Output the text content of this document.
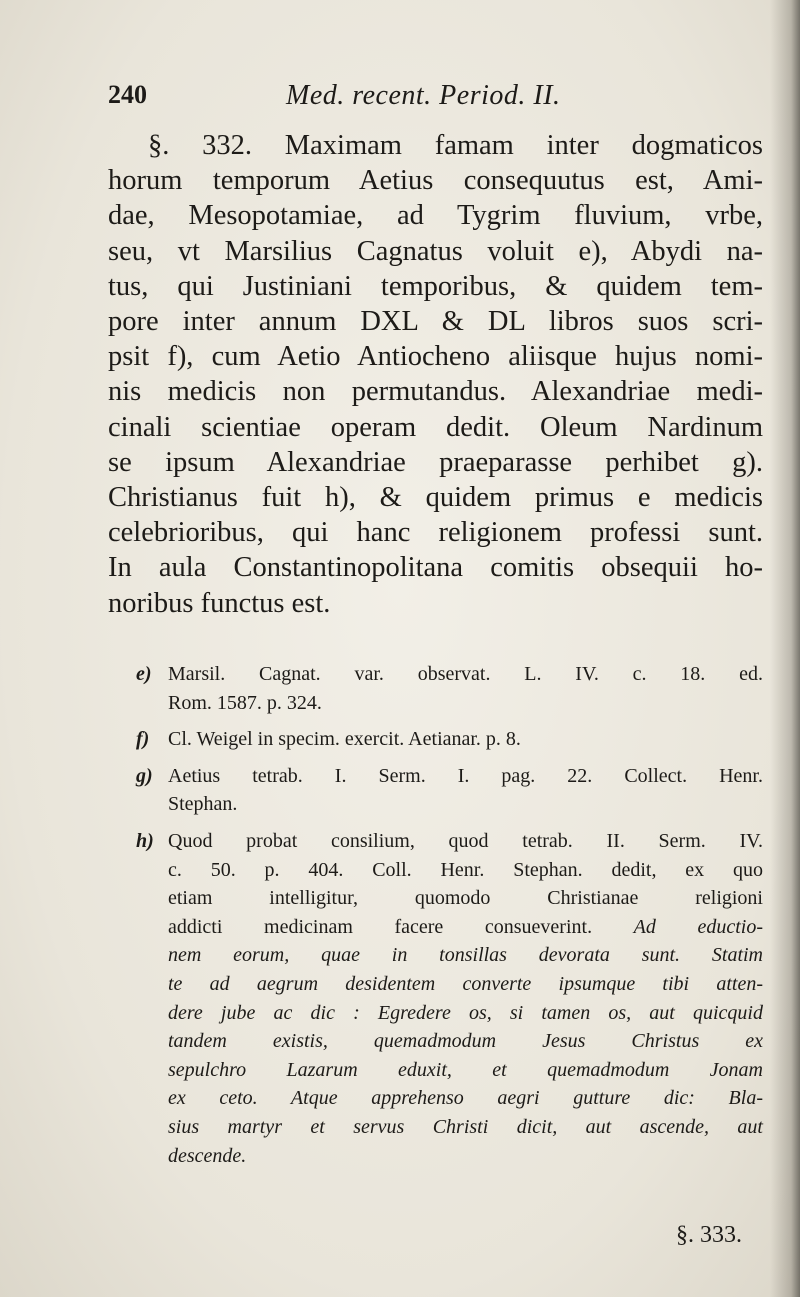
240	Med. recent. Period. II.
§. 332. Maximam famam inter dogmaticos
horum temporum Aetius consequutus est, Ami-
dae, Mesopotamiae, ad Tygrim fluvium, vrbe,
seu, vt Marsilius Cagnatus voluit e), Abydi na-
tus, qui Justiniani temporibus, & quidem tem-
pore inter annum DXL & DL libros suos scri-
psit f), cum Aetio Antiocheno aliisque hujus nomi-
nis medicis non permutandus. Alexandriae medi-
cinali scientiae operam dedit. Oleum Nardinum
se ipsum Alexandriae praeparasse perhibet g).
Christianus fuit h), & quidem primus e medicis
celebrioribus, qui hanc religionem professi sunt.
In aula Constantinopolitana comitis obsequii ho-
noribus functus est.
e) Marsil. Cagnat. var. observat. L. IV. c. 18. ed.
Rom. 1587. p. 324.
f) Cl. Weigel in specim. exercit. Aetianar. p. 8.
g) Aetius tetrab. I. Serm. I. pag. 22. Collect. Henr.
Stephan.
h) Quod probat consilium, quod tetrab. II. Serm. IV.
c. 50. p. 404. Coll. Henr. Stephan. dedit, ex quo
etiam intelligitur, quomodo Christianae religioni
addicti medicinam facere consueverint. Ad eductio-
nem eorum, quae in tonsillas devorata sunt. Statim
te ad aegrum desidentem converte ipsumque tibi atten-
dere jube ac dic : Egredere os, si tamen os, aut quicquid
tandem existis, quemadmodum Jesus Christus ex
sepulchro Lazarum eduxit, et quemadmodum Jonam
ex ceto. Atque apprehenso aegri gutture dic: Bla-
sius martyr et servus Christi dicit, aut ascende, aut
descende.
§. 333.
